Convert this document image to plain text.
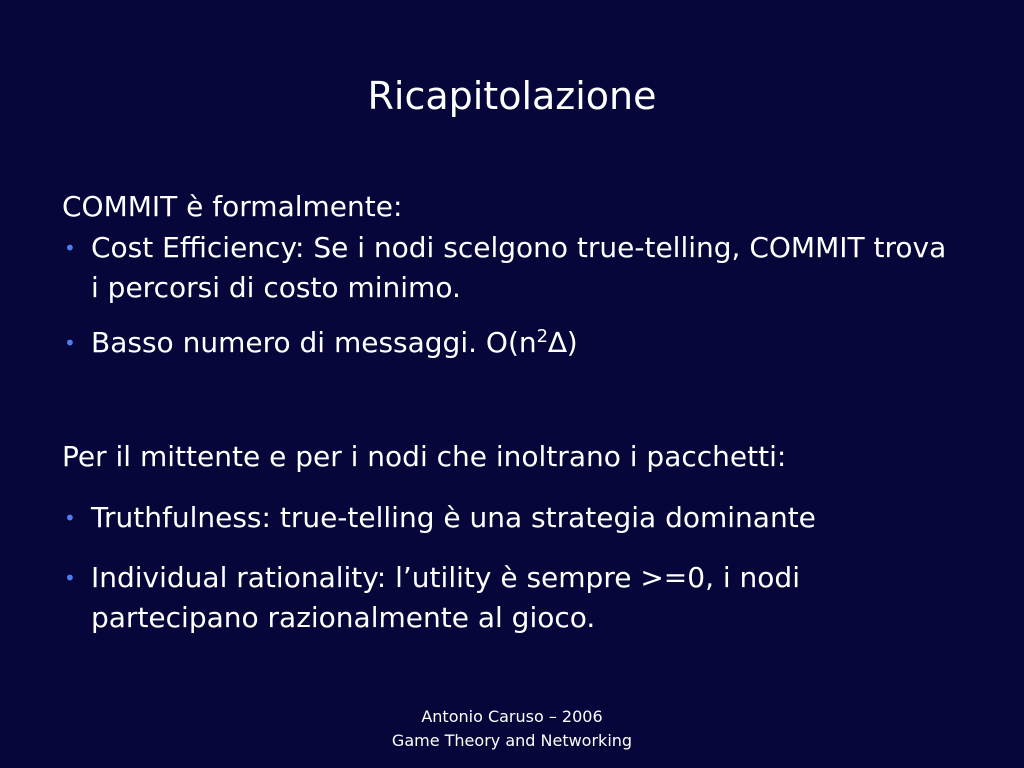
Ricapitolazione

COMMIT è formalmente:

• Cost Efficiency: Se i nodi scelgono true-telling, COMMIT trova i percorsi di costo minimo.

• Basso numero di messaggi. $O(n^2\Delta)$

Per il mittente e per i nodi che inoltrano i pacchetti:

• Truthfulness: true-telling è una strategia dominante

• Individual rationality: l’utility è sempre >=0, i nodi partecipano razionalmente al gioco.

Antonio Caruso – 2006
Game Theory and Networking
